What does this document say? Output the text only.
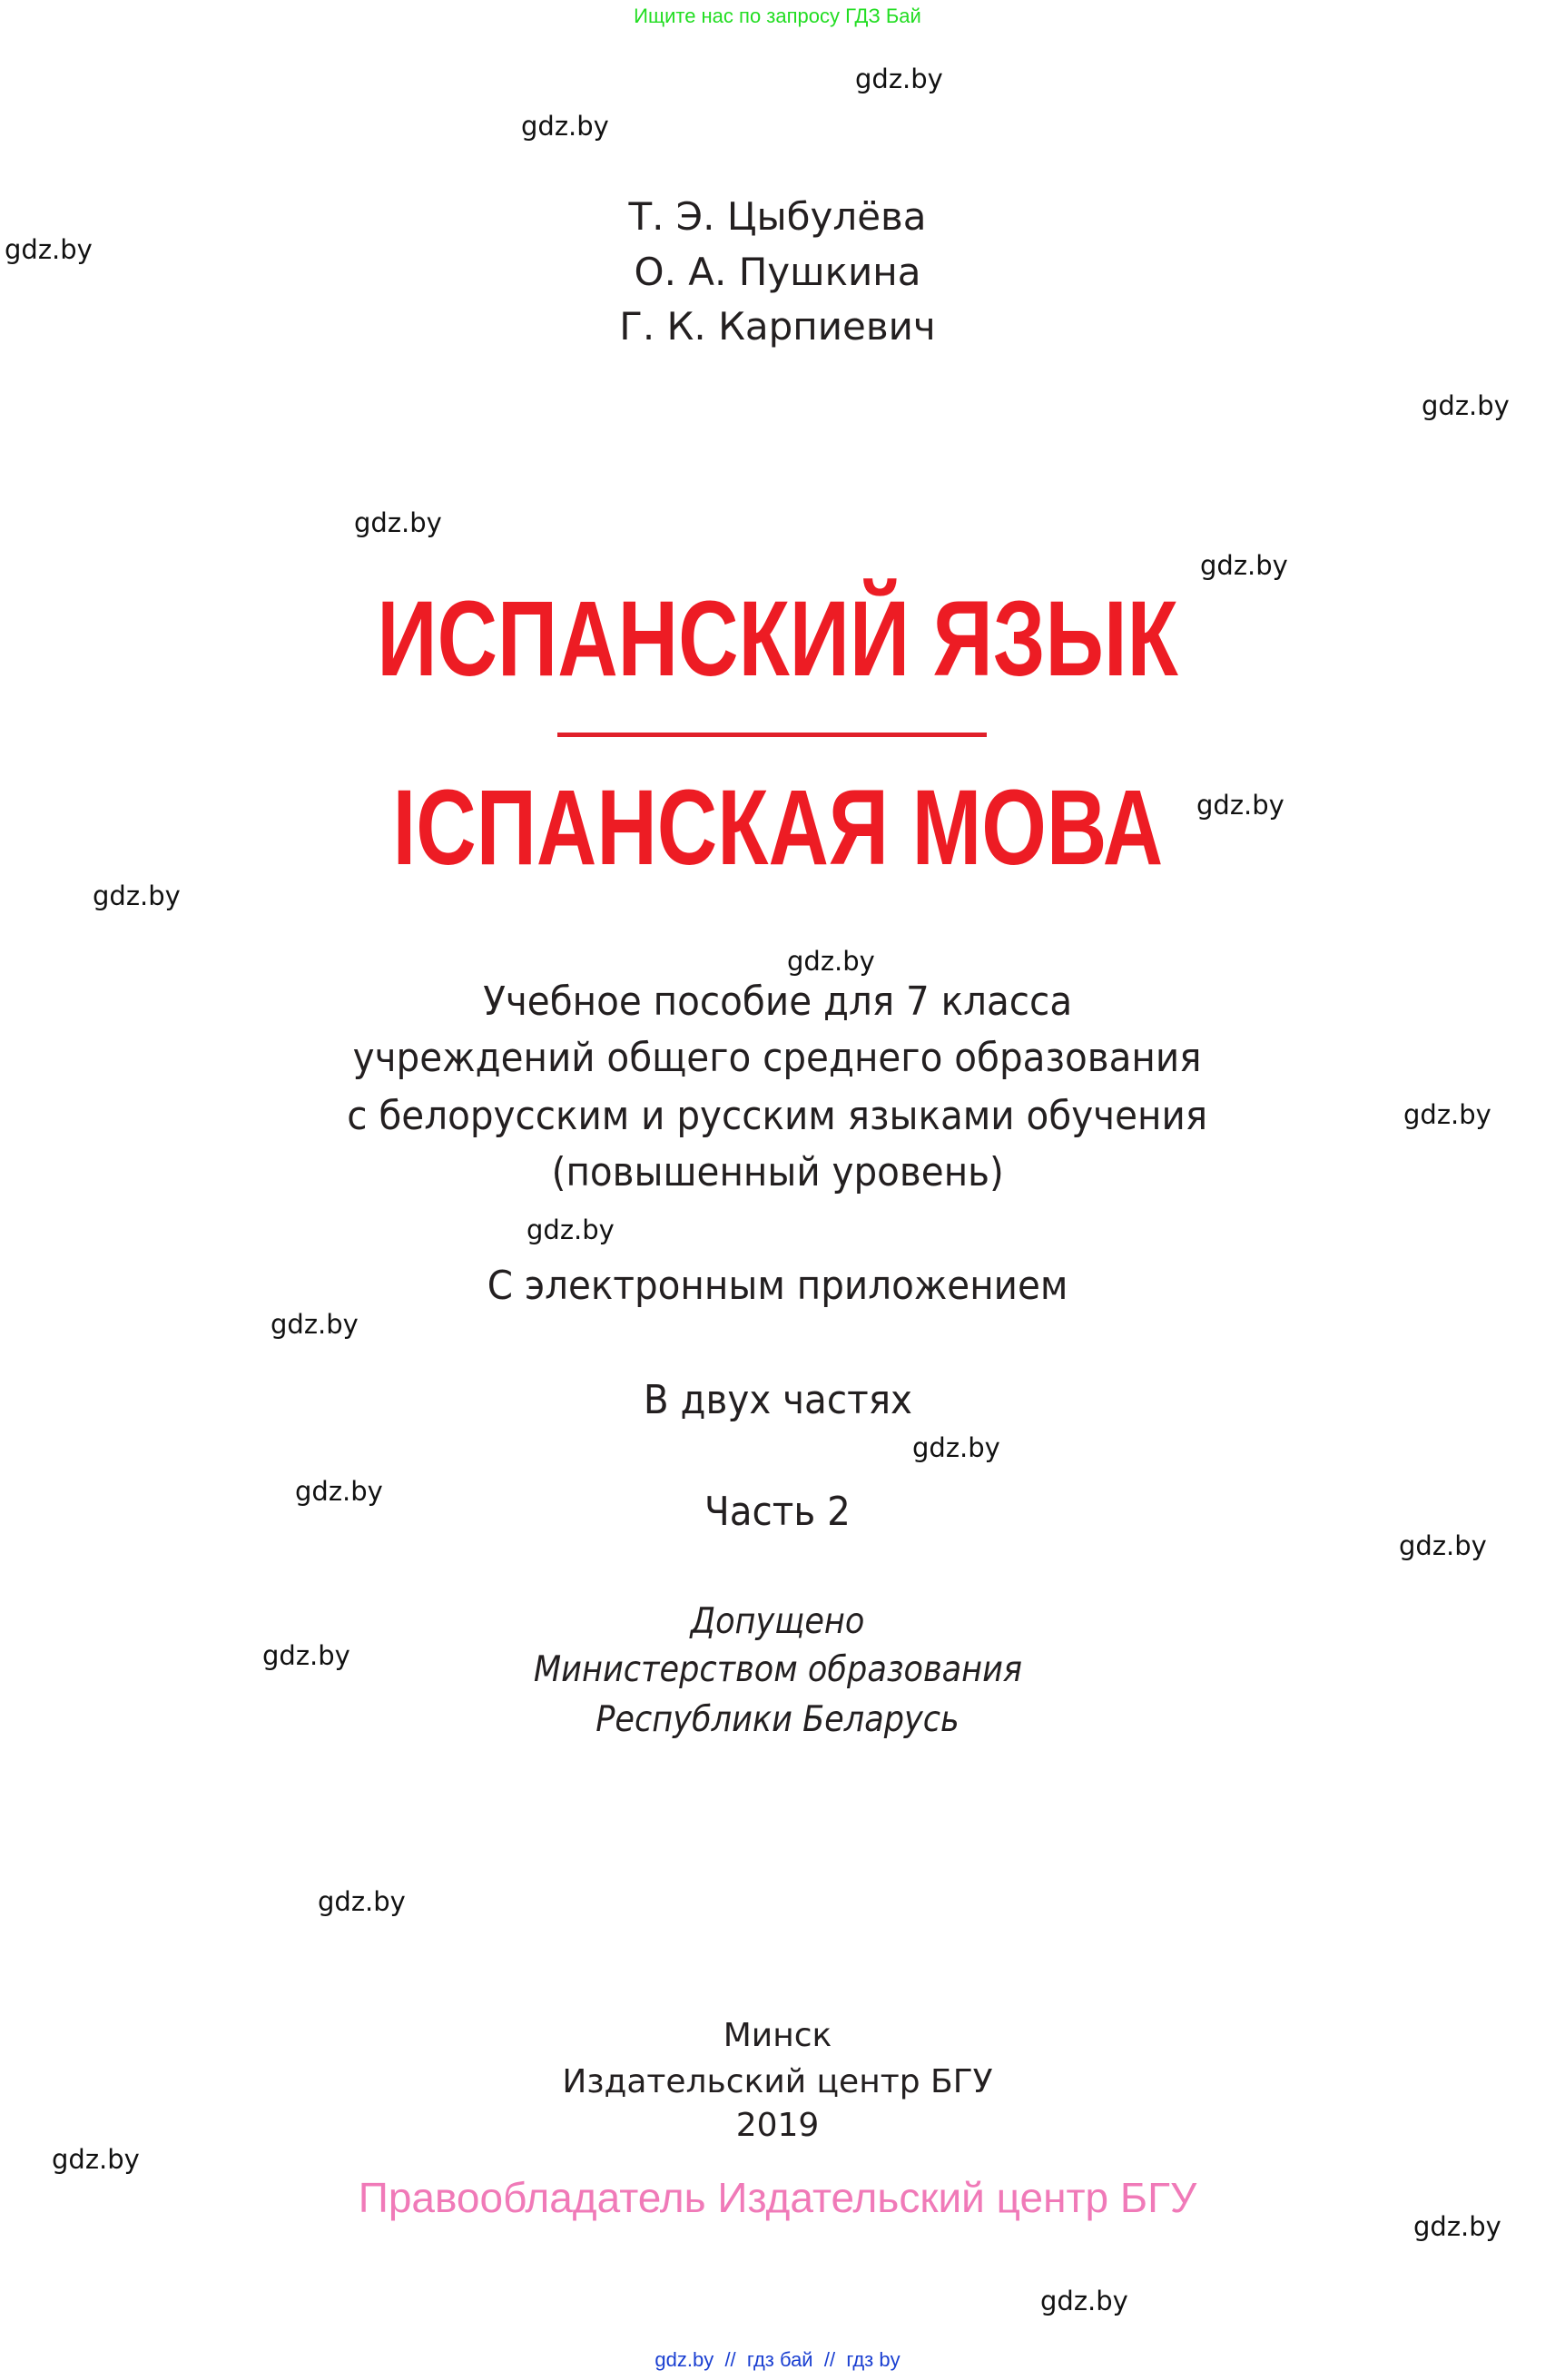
Ищите нас по запросу ГДЗ Бай
Т. Э. Цыбулёва
О. А. Пушкина
Г. К. Карпиевич
ИСПАНСКИЙ ЯЗЫК
ІСПАНСКАЯ МОВА
Учебное пособие для 7 класса
учреждений общего среднего образования
с белорусским и русским языками обучения
(повышенный уровень)
С электронным приложением
В двух частях
Часть 2
Допущено
Министерством образования
Республики Беларусь
Минск
Издательский центр БГУ
2019
Правообладатель Издательский центр БГУ
gdz.by // гдз бай // гдз by
gdz.by
gdz.by
gdz.by
gdz.by
gdz.by
gdz.by
gdz.by
gdz.by
gdz.by
gdz.by
gdz.by
gdz.by
gdz.by
gdz.by
gdz.by
gdz.by
gdz.by
gdz.by
gdz.by
gdz.by
